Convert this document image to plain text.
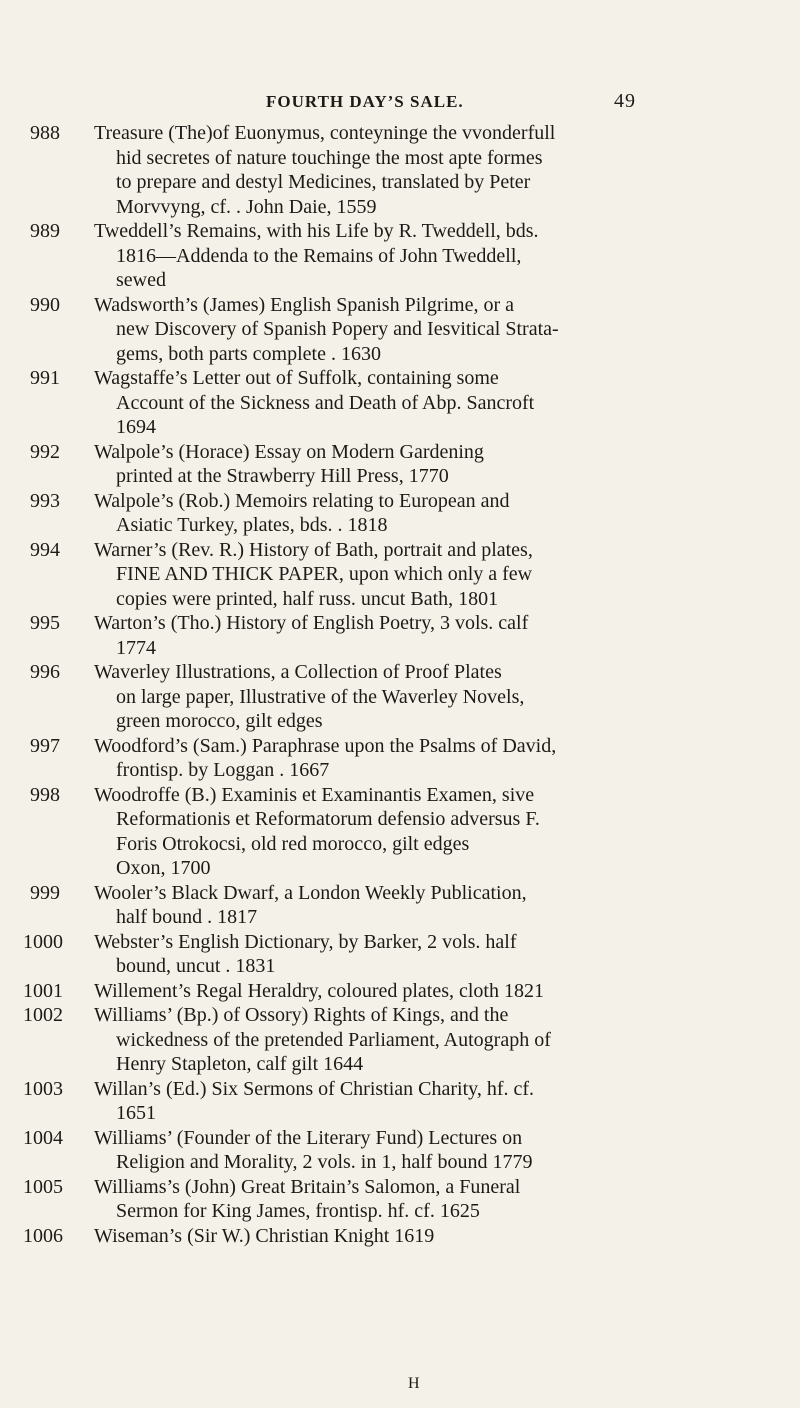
FOURTH DAY’S SALE.	49
988	Treasure (The)of Euonymus, conteyninge the vvonderfull
hid secretes of nature touchinge the most apte formes
to prepare and destyl Medicines, translated by Peter
Morvvyng, cf. . John Daie, 1559
989	Tweddell’s Remains, with his Life by R. Tweddell, bds.
1816—Addenda to the Remains of John Tweddell,
sewed
990	Wadsworth’s (James) English Spanish Pilgrime, or a
new Discovery of Spanish Popery and Iesvitical Strata-
gems, both parts complete . 1630
991	Wagstaffe’s Letter out of Suffolk, containing some
Account of the Sickness and Death of Abp. Sancroft
1694
992	Walpole’s (Horace) Essay on Modern Gardening
printed at the Strawberry Hill Press, 1770
993	Walpole’s (Rob.) Memoirs relating to European and
Asiatic Turkey, plates, bds. . 1818
994	Warner’s (Rev. R.) History of Bath, portrait and plates,
FINE AND THICK PAPER, upon which only a few
copies were printed, half russ. uncut Bath, 1801
995	Warton’s (Tho.) History of English Poetry, 3 vols. calf
1774
996	Waverley Illustrations, a Collection of Proof Plates
on large paper, Illustrative of the Waverley Novels,
green morocco, gilt edges
997	Woodford’s (Sam.) Paraphrase upon the Psalms of David,
frontisp. by Loggan . 1667
998	Woodroffe (B.) Examinis et Examinantis Examen, sive
Reformationis et Reformatorum defensio adversus F.
Foris Otrokocsi, old red morocco, gilt edges
Oxon, 1700
999	Wooler’s Black Dwarf, a London Weekly Publication,
half bound . 1817
1000	Webster’s English Dictionary, by Barker, 2 vols. half
bound, uncut . 1831
1001	Willement’s Regal Heraldry, coloured plates, cloth 1821
1002	Williams’ (Bp.) of Ossory) Rights of Kings, and the
wickedness of the pretended Parliament, Autograph of
Henry Stapleton, calf gilt 1644
1003	Willan’s (Ed.) Six Sermons of Christian Charity, hf. cf.
1651
1004	Williams’ (Founder of the Literary Fund) Lectures on
Religion and Morality, 2 vols. in 1, half bound 1779
1005	Williams’s (John) Great Britain’s Salomon, a Funeral
Sermon for King James, frontisp. hf. cf. 1625
1006	Wiseman’s (Sir W.) Christian Knight 1619
H
